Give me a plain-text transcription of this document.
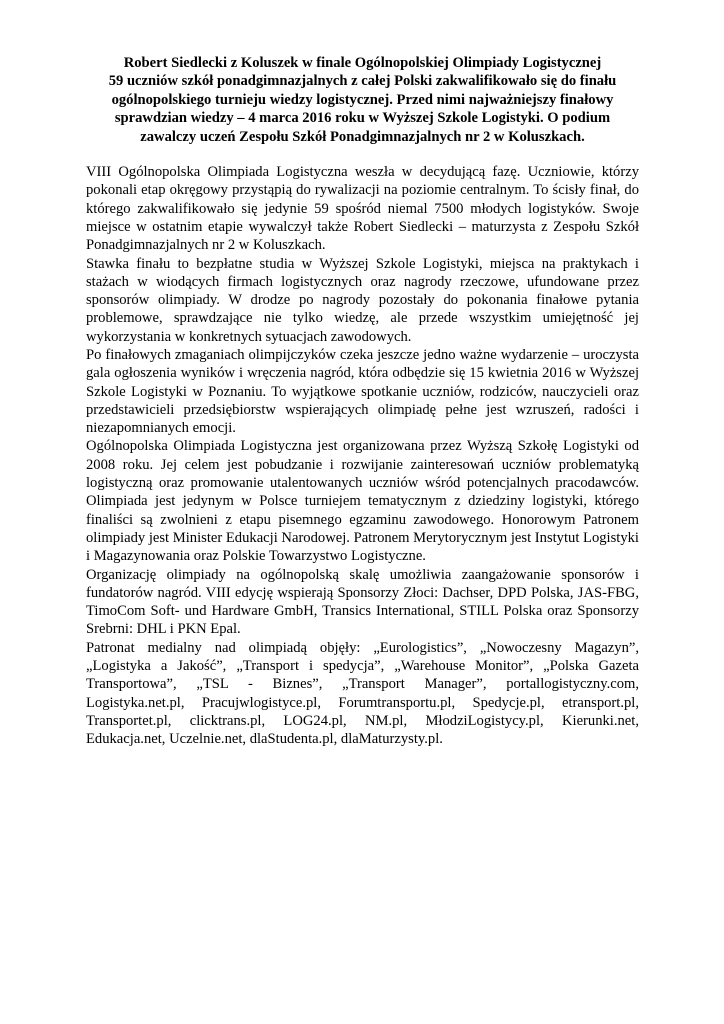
Robert Siedlecki z Koluszek w finale Ogólnopolskiej Olimpiady Logistycznej
59 uczniów szkół ponadgimnazjalnych z całej Polski zakwalifikowało się do finału
ogólnopolskiego turnieju wiedzy logistycznej. Przed nimi najważniejszy finałowy
sprawdzian wiedzy – 4 marca 2016 roku w Wyższej Szkole Logistyki. O podium
zawalczy uczeń Zespołu Szkół Ponadgimnazjalnych nr 2 w Koluszkach.

VIII Ogólnopolska Olimpiada Logistyczna weszła w decydującą fazę. Uczniowie, którzy pokonali etap okręgowy przystąpią do rywalizacji na poziomie centralnym. To ścisły finał, do którego zakwalifikowało się jedynie 59 spośród niemal 7500 młodych logistyków. Swoje miejsce w ostatnim etapie wywalczył także Robert Siedlecki – maturzysta z Zespołu Szkół Ponadgimnazjalnych nr 2 w Koluszkach.

Stawka finału to bezpłatne studia w Wyższej Szkole Logistyki, miejsca na praktykach i stażach w wiodących firmach logistycznych oraz nagrody rzeczowe, ufundowane przez sponsorów olimpiady. W drodze po nagrody pozostały do pokonania finałowe pytania problemowe, sprawdzające nie tylko wiedzę, ale przede wszystkim umiejętność jej wykorzystania w konkretnych sytuacjach zawodowych.

Po finałowych zmaganiach olimpijczyków czeka jeszcze jedno ważne wydarzenie – uroczysta gala ogłoszenia wyników i wręczenia nagród, która odbędzie się 15 kwietnia 2016 w Wyższej Szkole Logistyki w Poznaniu. To wyjątkowe spotkanie uczniów, rodziców, nauczycieli oraz przedstawicieli przedsiębiorstw wspierających olimpiadę pełne jest wzruszeń, radości i niezapomnianych emocji.

Ogólnopolska Olimpiada Logistyczna jest organizowana przez Wyższą Szkołę Logistyki od 2008 roku. Jej celem jest pobudzanie i rozwijanie zainteresowań uczniów problematyką logistyczną oraz promowanie utalentowanych uczniów wśród potencjalnych pracodawców. Olimpiada jest jedynym w Polsce turniejem tematycznym z dziedziny logistyki, którego finaliści są zwolnieni z etapu pisemnego egzaminu zawodowego. Honorowym Patronem olimpiady jest Minister Edukacji Narodowej. Patronem Merytorycznym jest Instytut Logistyki i Magazynowania oraz Polskie Towarzystwo Logistyczne.

Organizację olimpiady na ogólnopolską skalę umożliwia zaangażowanie sponsorów i fundatorów nagród. VIII edycję wspierają Sponsorzy Złoci: Dachser, DPD Polska, JAS-FBG, TimoCom Soft- und Hardware GmbH, Transics International, STILL Polska oraz Sponsorzy Srebrni: DHL i PKN Epal.

Patronat medialny nad olimpiadą objęły: „Eurologistics”, „Nowoczesny Magazyn”, „Logistyka a Jakość”, „Transport i spedycja”, „Warehouse Monitor”, „Polska Gazeta Transportowa”, „TSL - Biznes”, „Transport Manager”, portallogistyczny.com, Logistyka.net.pl, Pracujwlogistyce.pl, Forumtransportu.pl, Spedycje.pl, etransport.pl, Transportet.pl, clicktrans.pl, LOG24.pl, NM.pl, MłodziLogistycy.pl, Kierunki.net, Edukacja.net, Uczelnie.net, dlaStudenta.pl, dlaMaturzysty.pl.
